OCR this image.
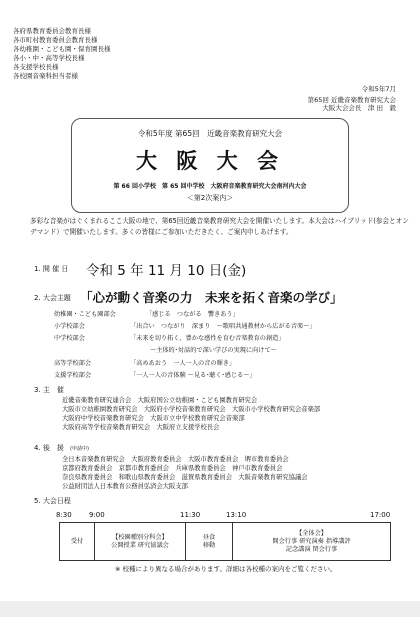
各府県教育委員会教育長様
各市町村教育委員会教育長様
各幼稚園・こども園・保育園長様
各小・中・高等学校長様
各支援学校長様
各校園音楽科担当者様
令和5年7月
第65回 近畿音楽教育研究大会
大阪大会会長　津 田　毅
令和5年度 第65回　近畿音楽教育研究大会
大 阪 大 会
第 66 回小学校　第 65 回中学校　大阪府音楽教育研究大会南河内大会
＜第2次案内＞
多彩な音楽がはぐくまれるここ大阪の地で、第65回近畿音楽教育研究大会を開催いたします。本大会はハイブリッド(参会とオンデマンド）で開催いたします。多くの皆様にご参加いただきたく、ご案内申しあげます。
1. 開 催 日 令和 5 年 11 月 10 日(金)
2. 大会主題 「心が動く音楽の力　未来を拓く音楽の学び」
幼稚園・こども園部会	「感じる　つながる　響きあう」
小学校部会	「出合い　つながり　深まり　～歌唱共通教材から広がる音楽～」
中学校部会	「未来を切り拓く、豊かな感性を育む音楽教育の創造」
～主体的･対話的で深い学びの実現に向けて～
高等学校部会	「高めあおう　一人一人の音の輝き」
支援学校部会	「一人一人の音体験 ～見る･聴く･感じる～」
3. 主　催
近畿音楽教育研究連合会　大阪府国公立幼稚園・こども園教育研究会
大阪市立幼稚園教育研究会　大阪府小学校音楽教育研究会　大阪市小学校教育研究会音楽部
大阪府中学校音楽教育研究会　大阪市立中学校教育研究会音楽部
大阪府高等学校音楽教育研究会　大阪府立支援学校長会
4. 後　援 (申請中)
全日本音楽教育研究会　大阪府教育委員会　大阪市教育委員会　堺市教育委員会
京都府教育委員会　京都市教育委員会　兵庫県教育委員会　神戸市教育委員会
奈良県教育委員会　和歌山県教育委員会　滋賀県教育委員会　大阪音楽教育研究協議会
公益財団法人日本教育公務員弘済会大阪支部
5. 大会日程
8:30 9:00	11:30	13:10	17:00
受付

【校園種別分科会】
公開授業 研究協議会

昼食
移動

【全体会】
開会行事 研究演奏 指導講評
記念講演 閉会行事
※ 校種により異なる場合があります。詳細は各校種の案内をご覧ください。
